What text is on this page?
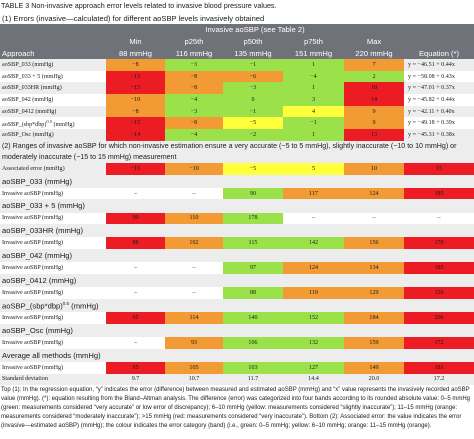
TABLE 3 Non-invasive approach error levels related to invasive blood pressure values.
(1) Errors (invasive—calculated) for different aoSBP levels invasively obtained						
	Invasive aoSBP (see Table 2)					
	Min	p25th	p50th	p75th	Max	
Approach	88 mmHg	116 mmHg	135 mmHg	151 mmHg	220 mmHg	Equation (*)
aoSBP_033 (mmHg)	−8	−3	−1	1	7	y = −46.51 + 0.44x
aoSBP_033 + 5 (mmHg)	−13	−8	−6	−4	2	y = −58.08 + 0.43x
aoSBP_033HR (mmHg)	−15	−8	−3	1	18	y = −47.01 + 0.37x
aoSBP_042 (mmHg)	−10	−4	0	3	14	y = −45.82 + 0.44x
aoSBP_0412 (mmHg)	−8	−3	−1	4	9	y = −42.11 + 0.40x
$aoSBP\_(sbp*dbp)^{0.5}$ (mmHg)	−15	−8	−5	−1	9	y = −49.18 + 0.39x
aoSBP_Osc (mmHg)	−14	−4	−2	1	13	y = −45.31 + 0.38x
(2) Ranges of invasive aoSBP for which non-invasive estimation ensure a very accurate (−5 to 5 mmHg), slightly inaccurate (−10 to 10 mmHg) or moderately inaccurate (−15 to 15 mmHg) measurement						
Associated error (mmHg)	−15	−10	−5	5	10	15
aoSBP_033 (mmHg)						
Invasive aoSBP (mmHg)	–	–	90	117	124	185
aoSBP_033 + 5 (mmHg)						
Invasive aoSBP (mmHg)	99	110	178	–	–	–
aoSBP_033HR (mmHg)						
Invasive aoSBP (mmHg)	88	102	115	142	156	170
aoSBP_042 (mmHg)						
Invasive aoSBP (mmHg)	–	–	97	124	134	185
aoSBP_0412 (mmHg)						
Invasive aoSBP (mmHg)	–	–	88	119	129	156
$aoSBP\_(sbp*dbp)^{0.5}$ (mmHg)						
Invasive aoSBP (mmHg)	95	114	140	152	184	206
aoSBP_Osc (mmHg)						
Invasive aoSBP (mmHg)	–	93	106	132	159	172
Average all methods (mmHg)						
Invasive aoSBP (mmHg)	95	105	103	127	149	181
Standard deviation	9.7	10.7	11.7	14.4	20.0	17.2

Top (1): In the regression equation, “y” indicates the error (difference) between measured and estimated aoSBP (mmHg) and “x” value represents the invasively recorded aoSBP value (mmHg). (*): equation resulting from the Bland–Altman analysis. The difference (error) was categorized into four bands according to its rounded absolute value: 0–5 mmHg (green: measurements considered “very accurate” or low error of discrepancy); 6–10 mmHg (yellow: measurements considered “slightly inaccurate”); 11–15 mmHg (orange: measurements considered “moderately inaccurate”); >15 mmHg (red: measurements considered “very inaccurate”). Bottom (2): Associated error: the value indicates the error (invasive—estimated aoSBP) (mmHg); the colour indicates the error category (band) (i.e., green: 0–5 mmHg; yellow: 6–10 mmHg; orange: 11–15 mmHg (orange).
